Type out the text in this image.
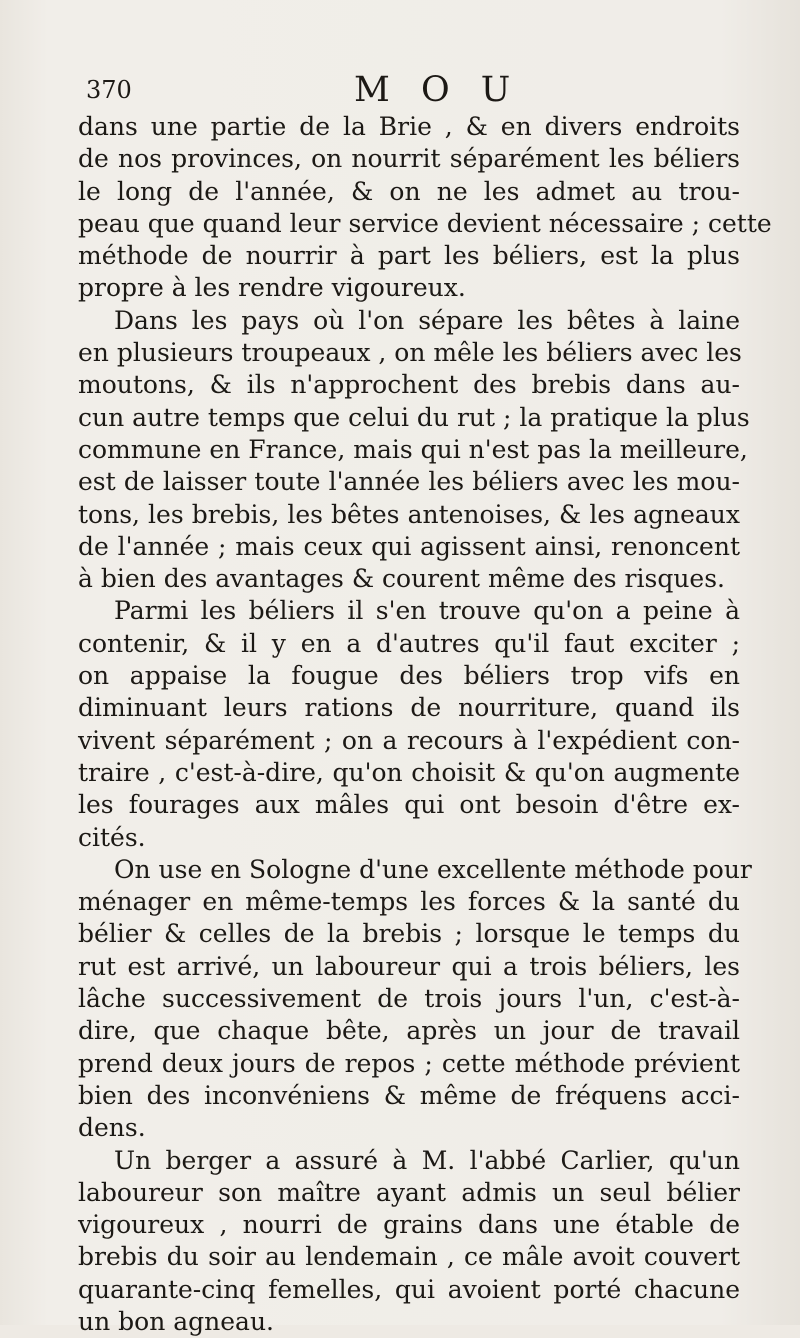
370	M O U
dans une partie de la Brie , & en divers endroits
de nos provinces, on nourrit séparément les béliers
le long de l'année, & on ne les admet au trou-
peau que quand leur service devient nécessaire ; cette
méthode de nourrir à part les béliers, est la plus
propre à les rendre vigoureux.
Dans les pays où l'on sépare les bêtes à laine
en plusieurs troupeaux , on mêle les béliers avec les
moutons, & ils n'approchent des brebis dans au-
cun autre temps que celui du rut ; la pratique la plus
commune en France, mais qui n'est pas la meilleure,
est de laisser toute l'année les béliers avec les mou-
tons, les brebis, les bêtes antenoises, & les agneaux
de l'année ; mais ceux qui agissent ainsi, renoncent
à bien des avantages & courent même des risques.
Parmi les béliers il s'en trouve qu'on a peine à
contenir, & il y en a d'autres qu'il faut exciter ;
on appaise la fougue des béliers trop vifs en
diminuant leurs rations de nourriture, quand ils
vivent séparément ; on a recours à l'expédient con-
traire , c'est-à-dire, qu'on choisit & qu'on augmente
les fourages aux mâles qui ont besoin d'être ex-
cités.
On use en Sologne d'une excellente méthode pour
ménager en même-temps les forces & la santé du
bélier & celles de la brebis ; lorsque le temps du
rut est arrivé, un laboureur qui a trois béliers, les
lâche successivement de trois jours l'un, c'est-à-
dire, que chaque bête, après un jour de travail
prend deux jours de repos ; cette méthode prévient
bien des inconvéniens & même de fréquens acci-
dens.
Un berger a assuré à M. l'abbé Carlier, qu'un
laboureur son maître ayant admis un seul bélier
vigoureux , nourri de grains dans une étable de
brebis du soir au lendemain , ce mâle avoit couvert
quarante-cinq femelles, qui avoient porté chacune
un bon agneau.
